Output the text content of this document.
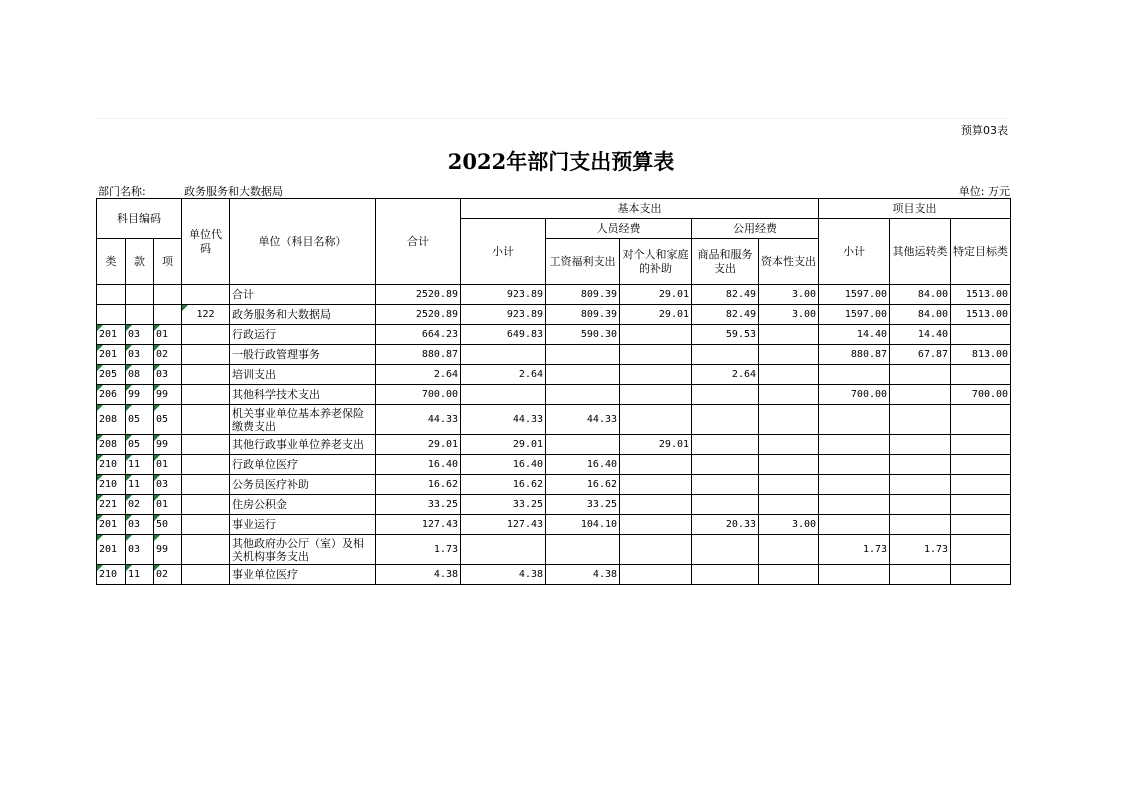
预算03表
2022年部门支出预算表
部门名称:	政务服务和大数据局	单位: 万元
科目编码			单位代码	单位（科目名称）	合计	基本支出					项目支出		
						小计	人员经费		公用经费		小计	其他运转类	特定目标类
							工资福利支出	对个人和家庭的补助	商品和服务支出	资本性支出			
类	款	项											
				合计	2520.89	923.89	809.39	29.01	82.49	3.00	1597.00	84.00	1513.00
			122	政务服务和大数据局	2520.89	923.89	809.39	29.01	82.49	3.00	1597.00	84.00	1513.00
201	03	01		行政运行	664.23	649.83	590.30		59.53		14.40	14.40	
201	03	02		一般行政管理事务	880.87						880.87	67.87	813.00
205	08	03		培训支出	2.64	2.64			2.64				
206	99	99		其他科学技术支出	700.00						700.00		700.00
208	05	05		机关事业单位基本养老保险缴费支出	44.33	44.33	44.33						
208	05	99		其他行政事业单位养老支出	29.01	29.01		29.01					
210	11	01		行政单位医疗	16.40	16.40	16.40						
210	11	03		公务员医疗补助	16.62	16.62	16.62						
221	02	01		住房公积金	33.25	33.25	33.25						
201	03	50		事业运行	127.43	127.43	104.10		20.33	3.00			
201	03	99		其他政府办公厅（室）及相关机构事务支出	1.73						1.73	1.73	
210	11	02		事业单位医疗	4.38	4.38	4.38						
